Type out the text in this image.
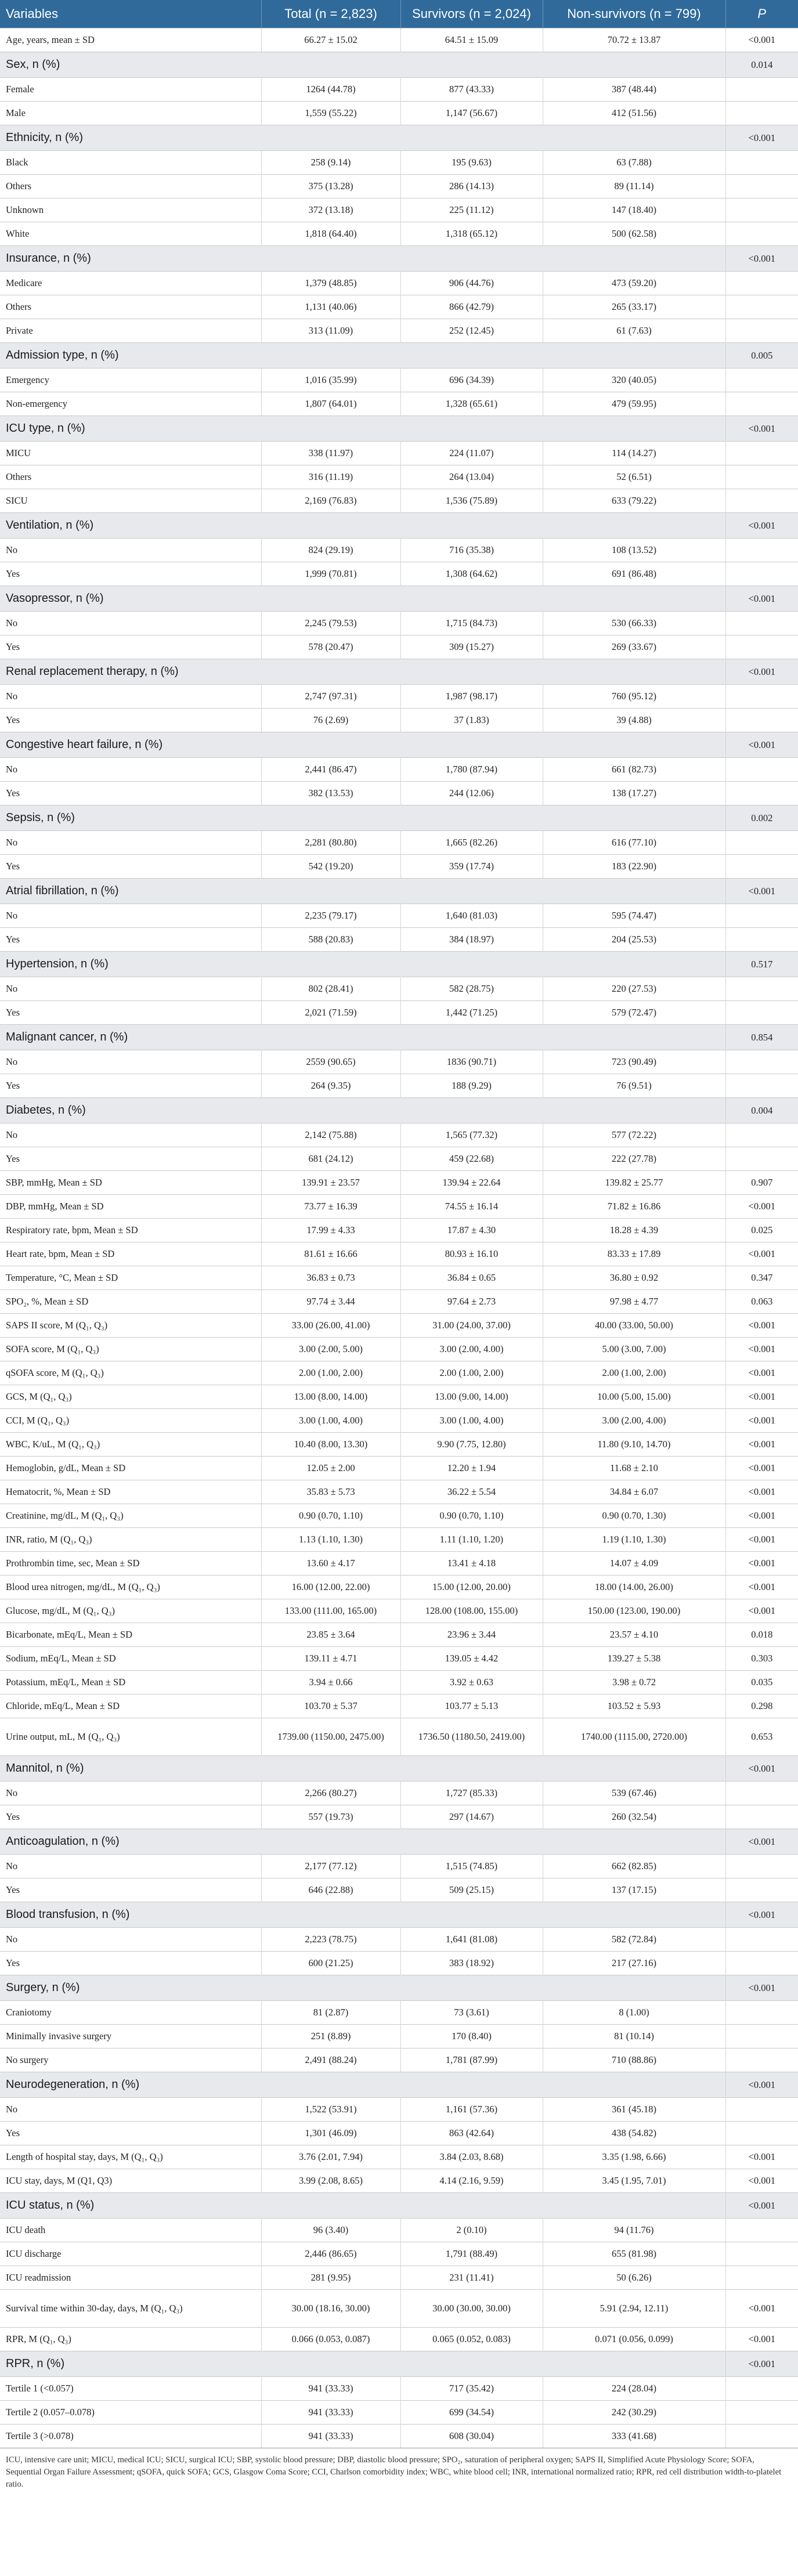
Variables	Total (n = 2,823)	Survivors (n = 2,024)	Non-survivors (n = 799)	P
Age, years, mean ± SD	66.27 ± 15.02	64.51 ± 15.09	70.72 ± 13.87	<0.001
Sex, n (%)				0.014
Female	1264 (44.78)	877 (43.33)	387 (48.44)	
Male	1,559 (55.22)	1,147 (56.67)	412 (51.56)	
Ethnicity, n (%)				<0.001
Black	258 (9.14)	195 (9.63)	63 (7.88)	
Others	375 (13.28)	286 (14.13)	89 (11.14)	
Unknown	372 (13.18)	225 (11.12)	147 (18.40)	
White	1,818 (64.40)	1,318 (65.12)	500 (62.58)	
Insurance, n (%)				<0.001
Medicare	1,379 (48.85)	906 (44.76)	473 (59.20)	
Others	1,131 (40.06)	866 (42.79)	265 (33.17)	
Private	313 (11.09)	252 (12.45)	61 (7.63)	
Admission type, n (%)				0.005
Emergency	1,016 (35.99)	696 (34.39)	320 (40.05)	
Non-emergency	1,807 (64.01)	1,328 (65.61)	479 (59.95)	
ICU type, n (%)				<0.001
MICU	338 (11.97)	224 (11.07)	114 (14.27)	
Others	316 (11.19)	264 (13.04)	52 (6.51)	
SICU	2,169 (76.83)	1,536 (75.89)	633 (79.22)	
Ventilation, n (%)				<0.001
No	824 (29.19)	716 (35.38)	108 (13.52)	
Yes	1,999 (70.81)	1,308 (64.62)	691 (86.48)	
Vasopressor, n (%)				<0.001
No	2,245 (79.53)	1,715 (84.73)	530 (66.33)	
Yes	578 (20.47)	309 (15.27)	269 (33.67)	
Renal replacement therapy, n (%)				<0.001
No	2,747 (97.31)	1,987 (98.17)	760 (95.12)	
Yes	76 (2.69)	37 (1.83)	39 (4.88)	
Congestive heart failure, n (%)				<0.001
No	2,441 (86.47)	1,780 (87.94)	661 (82.73)	
Yes	382 (13.53)	244 (12.06)	138 (17.27)	
Sepsis, n (%)				0.002
No	2,281 (80.80)	1,665 (82.26)	616 (77.10)	
Yes	542 (19.20)	359 (17.74)	183 (22.90)	
Atrial fibrillation, n (%)				<0.001
No	2,235 (79.17)	1,640 (81.03)	595 (74.47)	
Yes	588 (20.83)	384 (18.97)	204 (25.53)	
Hypertension, n (%)				0.517
No	802 (28.41)	582 (28.75)	220 (27.53)	
Yes	2,021 (71.59)	1,442 (71.25)	579 (72.47)	
Malignant cancer, n (%)				0.854
No	2559 (90.65)	1836 (90.71)	723 (90.49)	
Yes	264 (9.35)	188 (9.29)	76 (9.51)	
Diabetes, n (%)				0.004
No	2,142 (75.88)	1,565 (77.32)	577 (72.22)	
Yes	681 (24.12)	459 (22.68)	222 (27.78)	
SBP, mmHg, Mean ± SD	139.91 ± 23.57	139.94 ± 22.64	139.82 ± 25.77	0.907
DBP, mmHg, Mean ± SD	73.77 ± 16.39	74.55 ± 16.14	71.82 ± 16.86	<0.001
Respiratory rate, bpm, Mean ± SD	17.99 ± 4.33	17.87 ± 4.30	18.28 ± 4.39	0.025
Heart rate, bpm, Mean ± SD	81.61 ± 16.66	80.93 ± 16.10	83.33 ± 17.89	<0.001
Temperature, °C, Mean ± SD	36.83 ± 0.73	36.84 ± 0.65	36.80 ± 0.92	0.347
SPO₂, %, Mean ± SD	97.74 ± 3.44	97.64 ± 2.73	97.98 ± 4.77	0.063
SAPS II score, M (Q₁, Q₃)	33.00 (26.00, 41.00)	31.00 (24.00, 37.00)	40.00 (33.00, 50.00)	<0.001
SOFA score, M (Q₁, Q₃)	3.00 (2.00, 5.00)	3.00 (2.00, 4.00)	5.00 (3.00, 7.00)	<0.001
qSOFA score, M (Q₁, Q₃)	2.00 (1.00, 2.00)	2.00 (1.00, 2.00)	2.00 (1.00, 2.00)	<0.001
GCS, M (Q₁, Q₃)	13.00 (8.00, 14.00)	13.00 (9.00, 14.00)	10.00 (5.00, 15.00)	<0.001
CCI, M (Q₁, Q₃)	3.00 (1.00, 4.00)	3.00 (1.00, 4.00)	3.00 (2.00, 4.00)	<0.001
WBC, K/uL, M (Q₁, Q₃)	10.40 (8.00, 13.30)	9.90 (7.75, 12.80)	11.80 (9.10, 14.70)	<0.001
Hemoglobin, g/dL, Mean ± SD	12.05 ± 2.00	12.20 ± 1.94	11.68 ± 2.10	<0.001
Hematocrit, %, Mean ± SD	35.83 ± 5.73	36.22 ± 5.54	34.84 ± 6.07	<0.001
Creatinine, mg/dL, M (Q₁, Q₃)	0.90 (0.70, 1.10)	0.90 (0.70, 1.10)	0.90 (0.70, 1.30)	<0.001
INR, ratio, M (Q₁, Q₃)	1.13 (1.10, 1.30)	1.11 (1.10, 1.20)	1.19 (1.10, 1.30)	<0.001
Prothrombin time, sec, Mean ± SD	13.60 ± 4.17	13.41 ± 4.18	14.07 ± 4.09	<0.001
Blood urea nitrogen, mg/dL, M (Q₁, Q₃)	16.00 (12.00, 22.00)	15.00 (12.00, 20.00)	18.00 (14.00, 26.00)	<0.001
Glucose, mg/dL, M (Q₁, Q₃)	133.00 (111.00, 165.00)	128.00 (108.00, 155.00)	150.00 (123.00, 190.00)	<0.001
Bicarbonate, mEq/L, Mean ± SD	23.85 ± 3.64	23.96 ± 3.44	23.57 ± 4.10	0.018
Sodium, mEq/L, Mean ± SD	139.11 ± 4.71	139.05 ± 4.42	139.27 ± 5.38	0.303
Potassium, mEq/L, Mean ± SD	3.94 ± 0.66	3.92 ± 0.63	3.98 ± 0.72	0.035
Chloride, mEq/L, Mean ± SD	103.70 ± 5.37	103.77 ± 5.13	103.52 ± 5.93	0.298
Urine output, mL, M (Q₁, Q₃)	1739.00 (1150.00, 2475.00)	1736.50 (1180.50, 2419.00)	1740.00 (1115.00, 2720.00)	0.653
Mannitol, n (%)				<0.001
No	2,266 (80.27)	1,727 (85.33)	539 (67.46)	
Yes	557 (19.73)	297 (14.67)	260 (32.54)	
Anticoagulation, n (%)				<0.001
No	2,177 (77.12)	1,515 (74.85)	662 (82.85)	
Yes	646 (22.88)	509 (25.15)	137 (17.15)	
Blood transfusion, n (%)				<0.001
No	2,223 (78.75)	1,641 (81.08)	582 (72.84)	
Yes	600 (21.25)	383 (18.92)	217 (27.16)	
Surgery, n (%)				<0.001
Craniotomy	81 (2.87)	73 (3.61)	8 (1.00)	
Minimally invasive surgery	251 (8.89)	170 (8.40)	81 (10.14)	
No surgery	2,491 (88.24)	1,781 (87.99)	710 (88.86)	
Neurodegeneration, n (%)				<0.001
No	1,522 (53.91)	1,161 (57.36)	361 (45.18)	
Yes	1,301 (46.09)	863 (42.64)	438 (54.82)	
Length of hospital stay, days, M (Q₁, Q₃)	3.76 (2.01, 7.94)	3.84 (2.03, 8.68)	3.35 (1.98, 6.66)	<0.001
ICU stay, days, M (Q1, Q3)	3.99 (2.08, 8.65)	4.14 (2.16, 9.59)	3.45 (1.95, 7.01)	<0.001
ICU status, n (%)				<0.001
ICU death	96 (3.40)	2 (0.10)	94 (11.76)	
ICU discharge	2,446 (86.65)	1,791 (88.49)	655 (81.98)	
ICU readmission	281 (9.95)	231 (11.41)	50 (6.26)	
Survival time within 30-day, days, M (Q₁, Q₃)	30.00 (18.16, 30.00)	30.00 (30.00, 30.00)	5.91 (2.94, 12.11)	<0.001
RPR, M (Q₁, Q₃)	0.066 (0.053, 0.087)	0.065 (0.052, 0.083)	0.071 (0.056, 0.099)	<0.001
RPR, n (%)				<0.001
Tertile 1 (<0.057)	941 (33.33)	717 (35.42)	224 (28.04)	
Tertile 2 (0.057–0.078)	941 (33.33)	699 (34.54)	242 (30.29)	
Tertile 3 (>0.078)	941 (33.33)	608 (30.04)	333 (41.68)	
ICU, intensive care unit; MICU, medical ICU; SICU, surgical ICU; SBP, systolic blood pressure; DBP, diastolic blood pressure; SPO₂, saturation of peripheral oxygen; SAPS II, Simplified Acute Physiology Score; SOFA, Sequential Organ Failure Assessment; qSOFA, quick SOFA; GCS, Glasgow Coma Score; CCI, Charlson comorbidity index; WBC, white blood cell; INR, international normalized ratio; RPR, red cell distribution width-to-platelet ratio.
